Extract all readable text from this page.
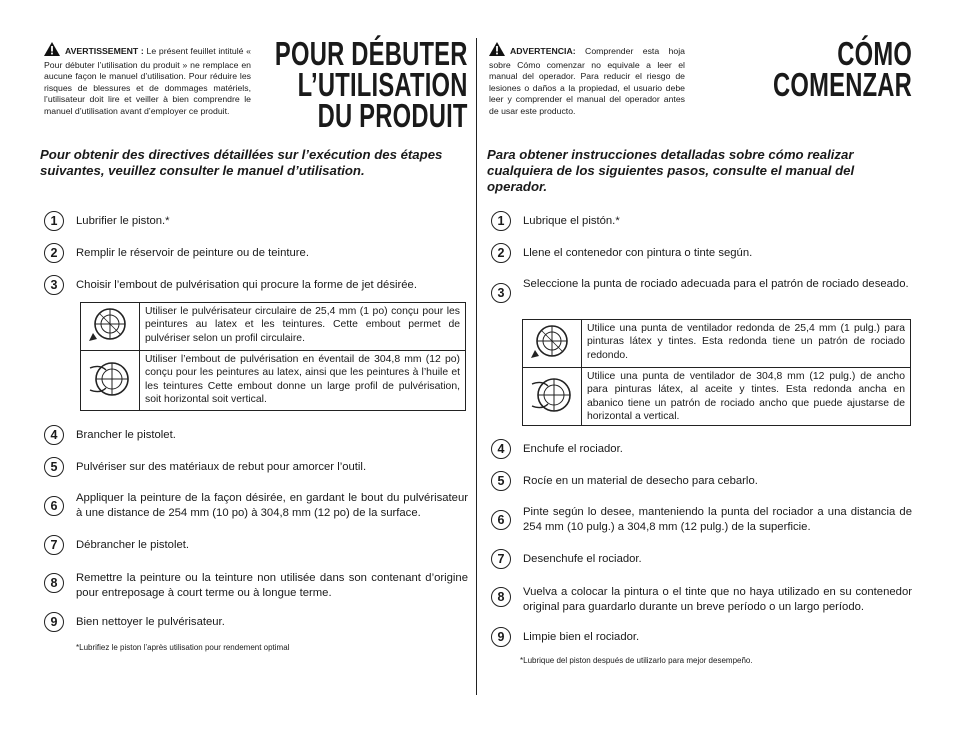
AVERTISSEMENT : Le présent feuillet intitulé « Pour débuter l’utilisation du produit » ne remplace en aucune façon le manuel d’utilisation. Pour réduire les risques de blessures et de dommages matériels, l’utilisateur doit lire et veiller à bien comprendre le manuel d’utilisation avant d’employer ce produit.
POUR DÉBUTER
L’UTILISATION
DU PRODUIT
Pour obtenir des directives détaillées sur l’exécution des étapes suivantes, veuillez consulter le manuel d’utilisation.
1	Lubrifier le piston.*
2	Remplir le réservoir de peinture ou de teinture.
3	Choisir l’embout de pulvérisation qui procure la forme de jet désirée.
	Utiliser le pulvérisateur circulaire de 25,4 mm (1 po) conçu pour les peintures au latex et les teintures. Cette embout permet de pulvériser selon un profil circulaire.
	Utiliser l’embout de pulvérisation en éventail de 304,8 mm (12 po) conçu pour les peintures au latex, ainsi que les peintures à l’huile et les teintures Cette embout donne un large profil de pulvérisation, soit horizontal soit vertical.
4	Brancher le pistolet.
5	Pulvériser sur des matériaux de rebut pour amorcer l’outil.
6
Appliquer la peinture de la façon désirée, en gardant le bout du pulvérisateur à une distance de 254 mm (10 po) à 304,8 mm (12 po) de la surface.
7	Débrancher le pistolet.
8	Remettre la peinture ou la teinture non utilisée dans son contenant d’origine pour entreposage à court terme ou à longue terme.
9	Bien nettoyer le pulvérisateur.
*Lubrifiez le piston l’après utilisation pour rendement optimal
ADVERTENCIA: Comprender esta hoja sobre Cómo comenzar no equivale a leer el manual del operador. Para reducir el riesgo de lesiones o daños a la propiedad, el usuario debe leer y comprender el manual del operador antes de usar este producto.
CÓMO
COMENZAR
Para obtener instrucciones detalladas sobre cómo realizar cualquiera de los siguientes pasos, consulte el manual del operador.
1	Lubrique el pistón.*
2	Llene el contenedor con pintura o tinte según.
3
Seleccione la punta de rociado adecuada para el patrón de rociado deseado.
	Utilice una punta de ventilador redonda de 25,4 mm (1 pulg.) para pinturas látex y tintes. Esta redonda tiene un patrón de rociado redondo.
	Utilice una punta de ventilador de 304,8 mm (12 pulg.) de ancho para pinturas látex, al aceite y tintes. Esta redonda ancha en abanico tiene un patrón de rociado ancho que puede ajustarse de horizontal a vertical.
4	Enchufe el rociador.
5	Rocíe en un material de desecho para cebarlo.
6
Pinte según lo desee, manteniendo la punta del rociador a una distancia de 254 mm (10 pulg.) a 304,8 mm (12 pulg.) de la superficie.
7	Desenchufe el rociador.
8	Vuelva a colocar la pintura o el tinte que no haya utilizado en su contenedor original para guardarlo durante un breve período o un largo período.
9	Limpie bien el rociador.
*Lubrique del piston después de utilizarlo para mejor desempeño.
